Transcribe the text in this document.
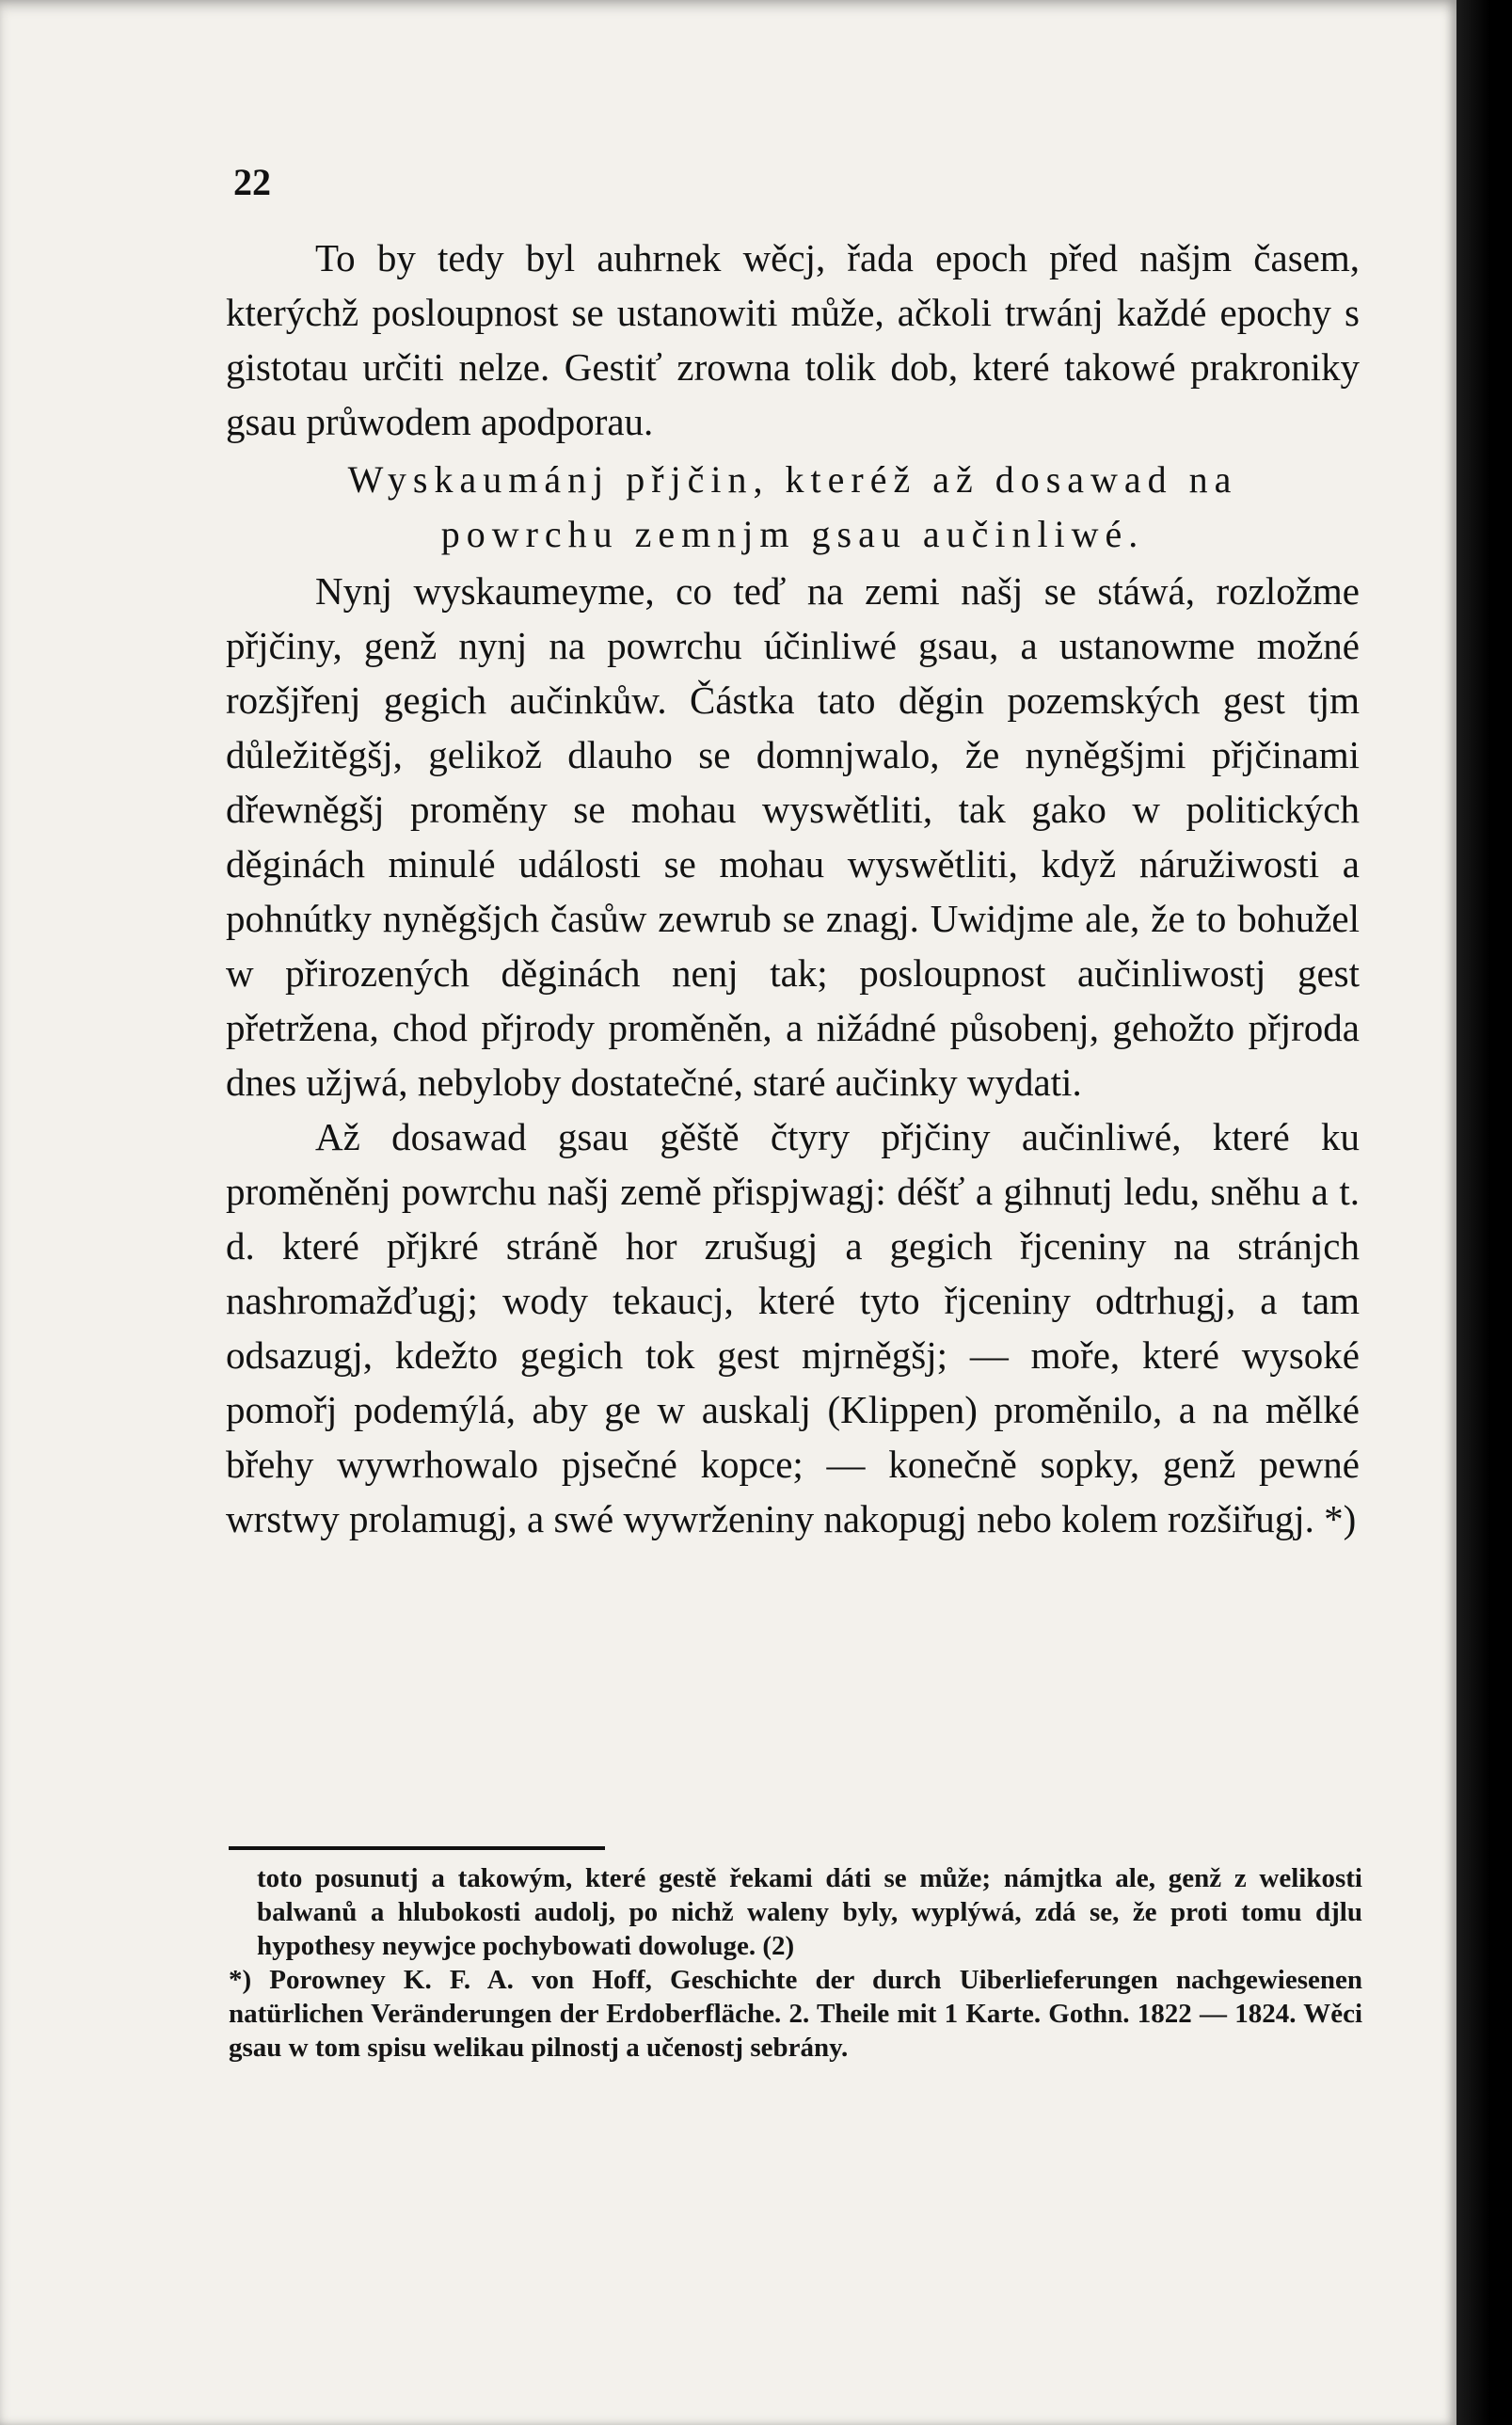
22

To by tedy byl auhrnek wěcj, řada epoch před našjm časem, kterýchž posloupnost se ustanowiti může, ačkoli trwánj každé epochy s gistotau určiti nelze. Gestiť zrowna tolik dob, které takowé prakroniky gsau průwodem apodporau.

Wyskaumánj přjčin, kteréž až dosawad na
powrchu zemnjm gsau aučinliwé.

Nynj wyskaumeyme, co teď na zemi našj se stáwá, rozložme přjčiny, genž nynj na powrchu účinliwé gsau, a ustanowme možné rozšjřenj gegich aučinkůw. Částka tato děgin pozemských gest tjm důležitěgšj, gelikož dlauho se domnjwalo, že nyněgšjmi přjčinami dřewněgšj proměny se mohau wyswětliti, tak gako w politických děginách minulé události se mohau wyswětliti, když náružiwosti a pohnútky nyněgšjch časůw zewrub se znagj. Uwidjme ale, že to bohužel w přirozených děginách nenj tak; posloupnost aučinliwostj gest přetržena, chod přjrody proměněn, a nižádné působenj, gehožto přjroda dnes užjwá, nebyloby dostatečné, staré aučinky wydati.

Až dosawad gsau gěště čtyry přjčiny aučinliwé, které ku proměněnj powrchu našj země přispjwagj: déšť a gihnutj ledu, sněhu a t. d. které přjkré stráně hor zrušugj a gegich řjceniny na stránjch nashromažďugj; wody tekaucj, které tyto řjceniny odtrhugj, a tam odsazugj, kdežto gegich tok gest mjrněgšj; — moře, které wysoké pomořj podemýlá, aby ge w auskalj (Klippen) proměnilo, a na mělké břehy wywrhowalo pjsečné kopce; — konečně sopky, genž pewné wrstwy prolamugj, a swé wywrženiny nakopugj nebo kolem rozšiřugj. *)

toto posunutj a takowým, které gestě řekami dáti se může; námjtka ale, genž z welikosti balwanů a hlubokosti audolj, po nichž waleny byly, wyplýwá, zdá se, že proti tomu djlu hypothesy neywjce pochybowati dowoluge. (2)

*) Porowney K. F. A. von Hoff, Geschichte der durch Uiberlieferungen nachgewiesenen natürlichen Veränderungen der Erdoberfläche. 2. Theile mit 1 Karte. Gothn. 1822 — 1824. Wěci gsau w tom spisu welikau pilnostj a učenostj sebrány.
